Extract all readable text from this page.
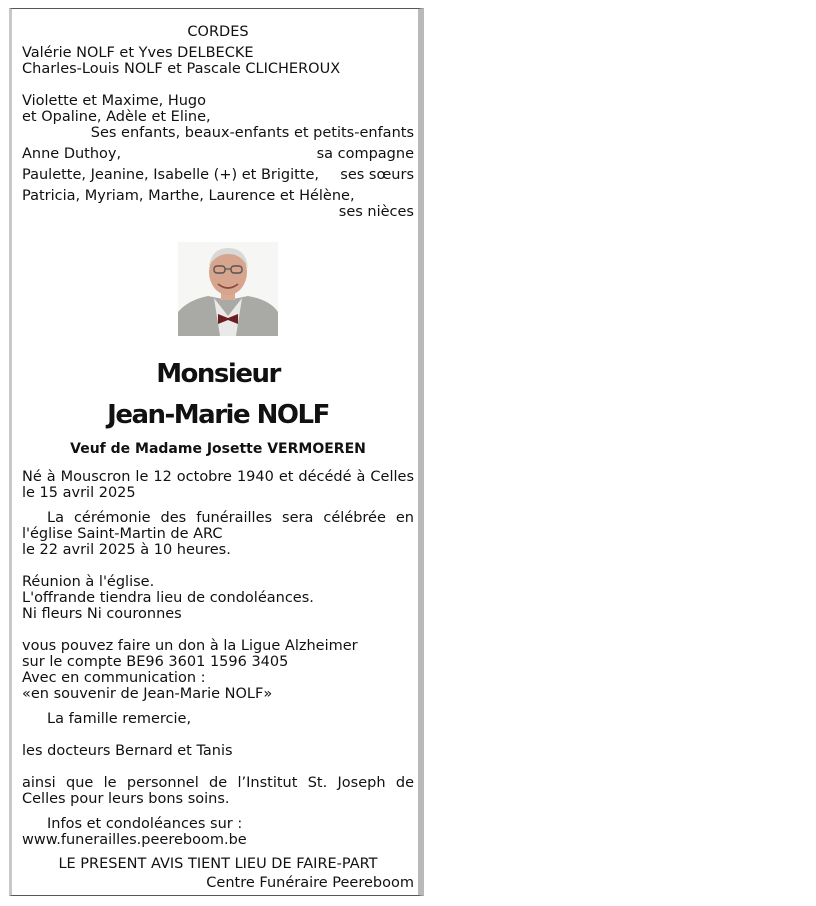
CORDES
Valérie NOLF et Yves DELBECKE
Charles-Louis NOLF et Pascale CLICHEROUX
Violette et Maxime, Hugo
et Opaline, Adèle et Eline,
Ses enfants, beaux-enfants et petits-enfants
Anne Duthoy,	sa compagne
Paulette, Jeanine, Isabelle (+) et Brigitte,	ses sœurs
Patricia, Myriam, Marthe, Laurence et Hélène,
ses nièces
Monsieur
Jean-Marie NOLF
Veuf de Madame Josette VERMOEREN
Né à Mouscron le 12 octobre 1940 et décédé à Celles
le 15 avril 2025
La cérémonie des funérailles sera célébrée en
l'église Saint-Martin de ARC
le 22 avril 2025 à 10 heures.
Réunion à l'église.
L'offrande tiendra lieu de condoléances.
Ni fleurs Ni couronnes
vous pouvez faire un don à la Ligue Alzheimer
sur le compte BE96 3601 1596 3405
Avec en communication :
«en souvenir de Jean-Marie NOLF»
La famille remercie,
les docteurs Bernard et Tanis
ainsi que le personnel de l’Institut St. Joseph de
Celles pour leurs bons soins.
Infos et condoléances sur :
www.funerailles.peereboom.be
LE PRESENT AVIS TIENT LIEU DE FAIRE-PART
Centre Funéraire Peereboom
